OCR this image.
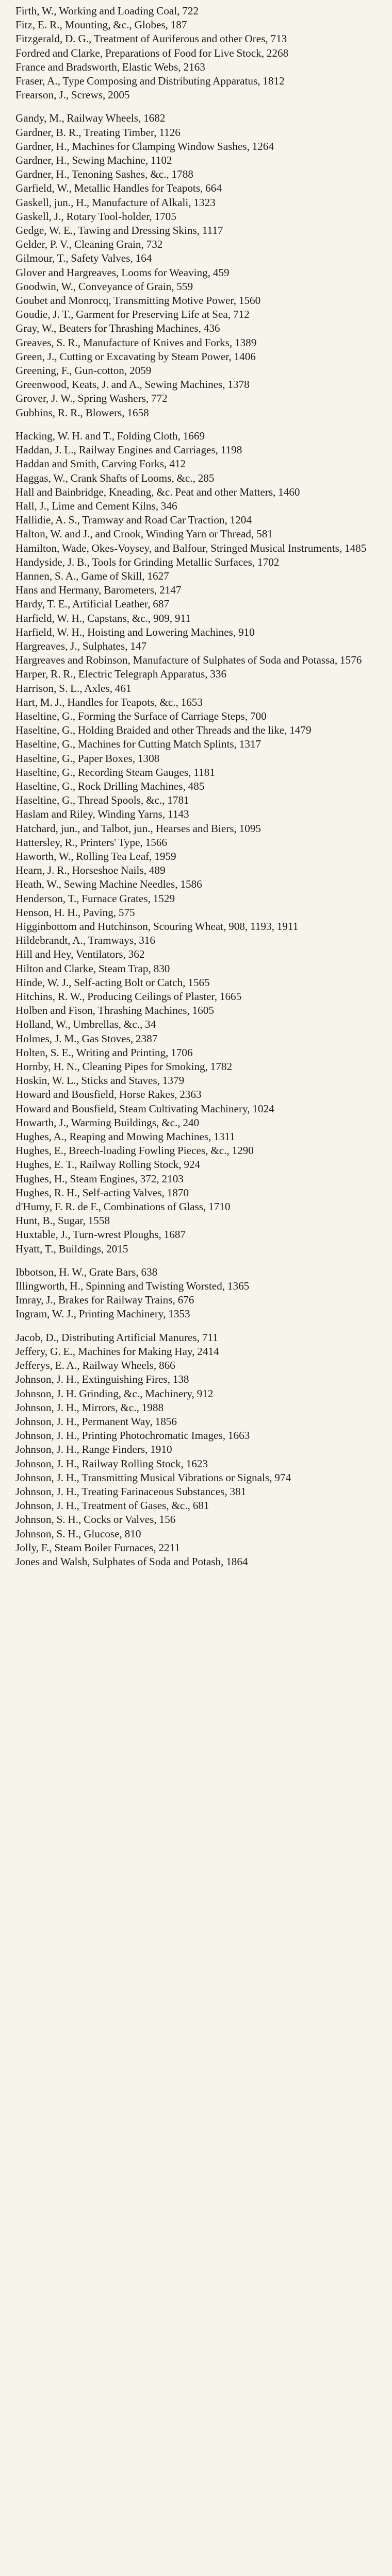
Firth, W., Working and Loading Coal, 722

Fitz, E. R., Mounting, &c., Globes, 187

Fitzgerald, D. G., Treatment of Auriferous and other Ores, 713

Fordred and Clarke, Preparations of Food for Live Stock, 2268

France and Bradsworth, Elastic Webs, 2163

Fraser, A., Type Composing and Distributing Apparatus, 1812

Frearson, J., Screws, 2005

Gandy, M., Railway Wheels, 1682

Gardner, B. R., Treating Timber, 1126

Gardner, H., Machines for Clamping Window Sashes, 1264

Gardner, H., Sewing Machine, 1102

Gardner, H., Tenoning Sashes, &c., 1788

Garfield, W., Metallic Handles for Teapots, 664

Gaskell, jun., H., Manufacture of Alkali, 1323

Gaskell, J., Rotary Tool-holder, 1705

Gedge, W. E., Tawing and Dressing Skins, 1117

Gelder, P. V., Cleaning Grain, 732

Gilmour, T., Safety Valves, 164

Glover and Hargreaves, Looms for Weaving, 459

Goodwin, W., Conveyance of Grain, 559

Goubet and Monrocq, Transmitting Motive Power, 1560

Goudie, J. T., Garment for Preserving Life at Sea, 712

Gray, W., Beaters for Thrashing Machines, 436

Greaves, S. R., Manufacture of Knives and Forks, 1389

Green, J., Cutting or Excavating by Steam Power, 1406

Greening, F., Gun-cotton, 2059

Greenwood, Keats, J. and A., Sewing Machines, 1378

Grover, J. W., Spring Washers, 772

Gubbins, R. R., Blowers, 1658

Hacking, W. H. and T., Folding Cloth, 1669

Haddan, J. L., Railway Engines and Carriages, 1198

Haddan and Smith, Carving Forks, 412

Haggas, W., Crank Shafts of Looms, &c., 285

Hall and Bainbridge, Kneading, &c. Peat and other Matters, 1460

Hall, J., Lime and Cement Kilns, 346

Hallidie, A. S., Tramway and Road Car Traction, 1204

Halton, W. and J., and Crook, Winding Yarn or Thread, 581

Hamilton, Wade, Okes-Voysey, and Balfour, Stringed Musical Instruments, 1485

Handyside, J. B., Tools for Grinding Metallic Surfaces, 1702

Hannen, S. A., Game of Skill, 1627

Hans and Hermany, Barometers, 2147

Hardy, T. E., Artificial Leather, 687

Harfield, W. H., Capstans, &c., 909, 911

Harfield, W. H., Hoisting and Lowering Machines, 910

Hargreaves, J., Sulphates, 147

Hargreaves and Robinson, Manufacture of Sulphates of Soda and Potassa, 1576

Harper, R. R., Electric Telegraph Apparatus, 336

Harrison, S. L., Axles, 461

Hart, M. J., Handles for Teapots, &c., 1653

Haseltine, G., Forming the Surface of Carriage Steps, 700

Haseltine, G., Holding Braided and other Threads and the like, 1479

Haseltine, G., Machines for Cutting Match Splints, 1317

Haseltine, G., Paper Boxes, 1308

Haseltine, G., Recording Steam Gauges, 1181

Haseltine, G., Rock Drilling Machines, 485

Haseltine, G., Thread Spools, &c., 1781

Haslam and Riley, Winding Yarns, 1143

Hatchard, jun., and Talbot, jun., Hearses and Biers, 1095

Hattersley, R., Printers' Type, 1566

Haworth, W., Rolling Tea Leaf, 1959

Hearn, J. R., Horseshoe Nails, 489

Heath, W., Sewing Machine Needles, 1586

Henderson, T., Furnace Grates, 1529

Henson, H. H., Paving, 575

Higginbottom and Hutchinson, Scouring Wheat, 908, 1193, 1911

Hildebrandt, A., Tramways, 316

Hill and Hey, Ventilators, 362

Hilton and Clarke, Steam Trap, 830

Hinde, W. J., Self-acting Bolt or Catch, 1565

Hitchins, R. W., Producing Ceilings of Plaster, 1665

Holben and Fison, Thrashing Machines, 1605

Holland, W., Umbrellas, &c., 34

Holmes, J. M., Gas Stoves, 2387

Holten, S. E., Writing and Printing, 1706

Hornby, H. N., Cleaning Pipes for Smoking, 1782

Hoskin, W. L., Sticks and Staves, 1379

Howard and Bousfield, Horse Rakes, 2363

Howard and Bousfield, Steam Cultivating Machinery, 1024

Howarth, J., Warming Buildings, &c., 240

Hughes, A., Reaping and Mowing Machines, 1311

Hughes, E., Breech-loading Fowling Pieces, &c., 1290

Hughes, E. T., Railway Rolling Stock, 924

Hughes, H., Steam Engines, 372, 2103

Hughes, R. H., Self-acting Valves, 1870

d'Humy, F. R. de F., Combinations of Glass, 1710

Hunt, B., Sugar, 1558

Huxtable, J., Turn-wrest Ploughs, 1687

Hyatt, T., Buildings, 2015

Ibbotson, H. W., Grate Bars, 638

Illingworth, H., Spinning and Twisting Worsted, 1365

Imray, J., Brakes for Railway Trains, 676

Ingram, W. J., Printing Machinery, 1353

Jacob, D., Distributing Artificial Manures, 711

Jeffery, G. E., Machines for Making Hay, 2414

Jefferys, E. A., Railway Wheels, 866

Johnson, J. H., Extinguishing Fires, 138

Johnson, J. H. Grinding, &c., Machinery, 912

Johnson, J. H., Mirrors, &c., 1988

Johnson, J. H., Permanent Way, 1856

Johnson, J. H., Printing Photochromatic Images, 1663

Johnson, J. H., Range Finders, 1910

Johnson, J. H., Railway Rolling Stock, 1623

Johnson, J. H., Transmitting Musical Vibrations or Signals, 974

Johnson, J. H., Treating Farinaceous Substances, 381

Johnson, J. H., Treatment of Gases, &c., 681

Johnson, S. H., Cocks or Valves, 156

Johnson, S. H., Glucose, 810

Jolly, F., Steam Boiler Furnaces, 2211

Jones and Walsh, Sulphates of Soda and Potash, 1864
